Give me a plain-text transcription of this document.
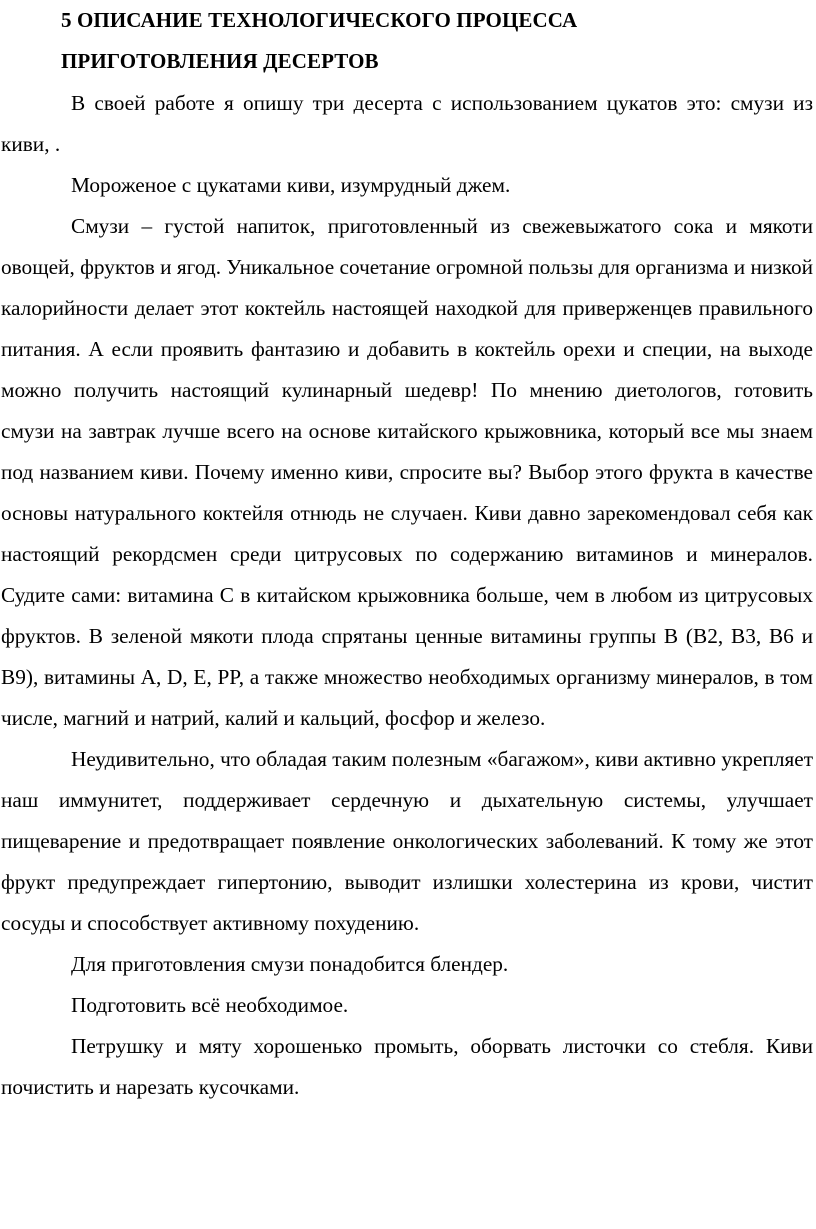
5 ОПИСАНИЕ ТЕХНОЛОГИЧЕСКОГО ПРОЦЕССА

ПРИГОТОВЛЕНИЯ ДЕСЕРТОВ

В своей работе я опишу три десерта с использованием цукатов это: смузи из киви, .

Мороженое с цукатами киви, изумрудный джем.

Смузи – густой напиток, приготовленный из свежевыжатого сока и мякоти овощей, фруктов и ягод. Уникальное сочетание огромной пользы для организма и низкой калорийности делает этот коктейль настоящей находкой для приверженцев правильного питания. А если проявить фантазию и добавить в коктейль орехи и специи, на выходе можно получить настоящий кулинарный шедевр! По мнению диетологов, готовить смузи на завтрак лучше всего на основе китайского крыжовника, который все мы знаем под названием киви. Почему именно киви, спросите вы? Выбор этого фрукта в качестве основы натурального коктейля отнюдь не случаен. Киви давно зарекомендовал себя как настоящий рекордсмен среди цитрусовых по содержанию витаминов и минералов. Судите сами: витамина С в китайском крыжовника больше, чем в любом из цитрусовых фруктов. В зеленой мякоти плода спрятаны ценные витамины группы В (В2, В3, В6 и В9), витамины A, D, E, PP, а также множество необходимых организму минералов, в том числе, магний и натрий, калий и кальций, фосфор и железо.

Неудивительно, что обладая таким полезным «багажом», киви активно укрепляет наш иммунитет, поддерживает сердечную и дыхательную системы, улучшает пищеварение и предотвращает появление онкологических заболеваний. К тому же этот фрукт предупреждает гипертонию, выводит излишки холестерина из крови, чистит сосуды и способствует активному похудению.

Для приготовления смузи понадобится блендер.

Подготовить всё необходимое.

Петрушку и мяту хорошенько промыть, оборвать листочки со стебля. Киви почистить и нарезать кусочками.
